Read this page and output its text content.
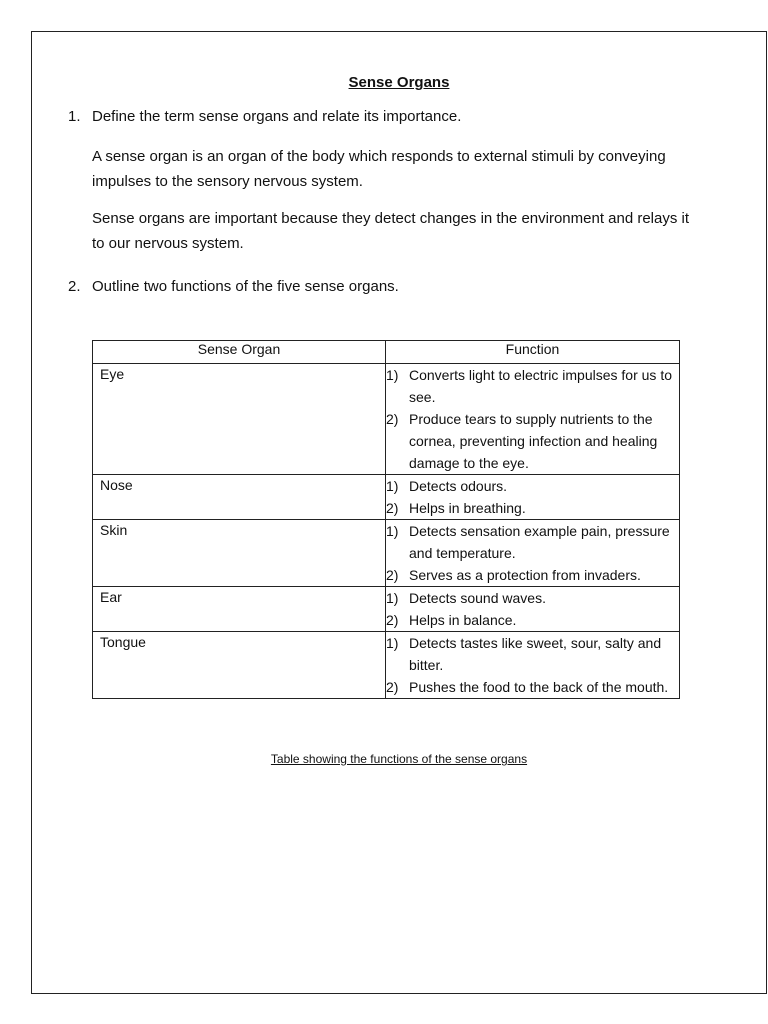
Sense Organs
1. Define the term sense organs and relate its importance.
A sense organ is an organ of the body which responds to external stimuli by conveying impulses to the sensory nervous system.
Sense organs are important because they detect changes in the environment and relays it to our nervous system.
2. Outline two functions of the five sense organs.
Sense Organ	Function
Eye	1) Converts light to electric impulses for us to see.
2) Produce tears to supply nutrients to the cornea, preventing infection and healing damage to the eye.

Nose	1) Detects odours.
2) Helps in breathing.

Skin	1) Detects sensation example pain, pressure and temperature.
2) Serves as a protection from invaders.

Ear	1) Detects sound waves.
2) Helps in balance.

Tongue	1) Detects tastes like sweet, sour, salty and bitter.
2) Pushes the food to the back of the mouth.
Table showing the functions of the sense organs
